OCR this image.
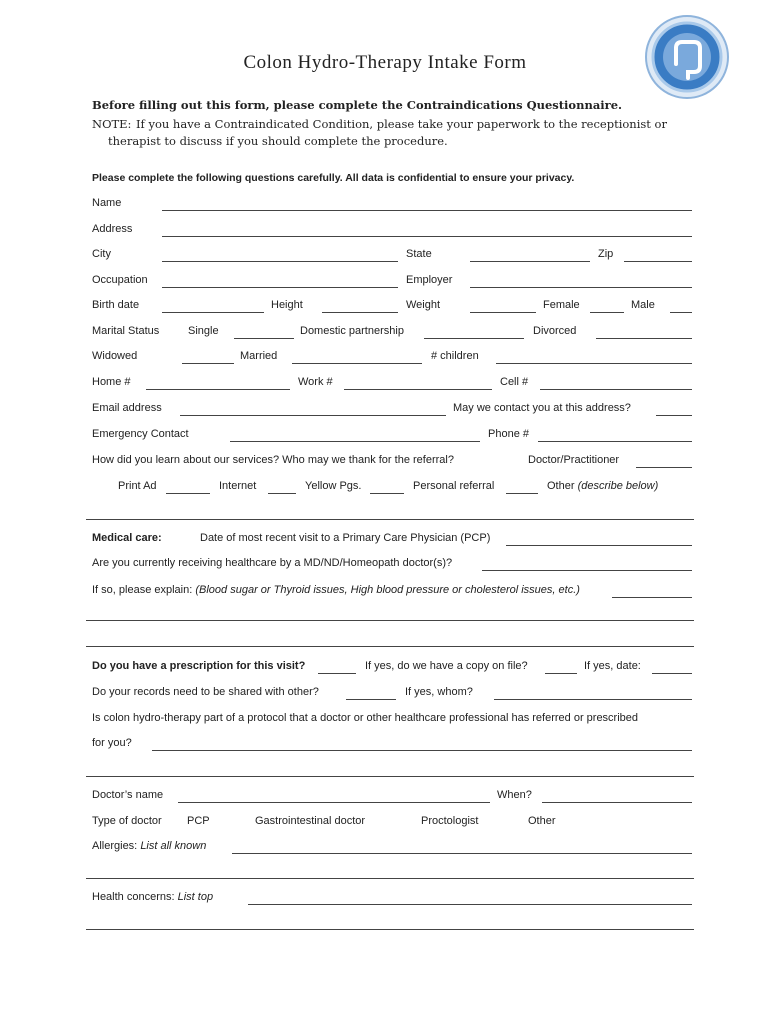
Colon Hydro-Therapy Intake Form
Before filling out this form, please complete the Contraindications Questionnaire.
NOTE: If you have a Contraindicated Condition, please take your paperwork to the receptionist or
therapist to discuss if you should complete the procedure.
Please complete the following questions carefully. All data is confidential to ensure your privacy.
Name
Address
City	State	Zip
Occupation	Employer
Birth date	Height	Weight	Female	Male
Marital Status	Single	Domestic partnership	Divorced
Widowed	Married	# children
Home #	Work #	Cell #
Email address	May we contact you at this address?
Emergency Contact	Phone #
How did you learn about our services? Who may we thank for the referral?	Doctor/Practitioner
Print Ad	Internet	Yellow Pgs.	Personal referral	Other (describe below)
Medical care:	Date of most recent visit to a Primary Care Physician (PCP)
Are you currently receiving healthcare by a MD/ND/Homeopath doctor(s)?
If so, please explain: (Blood sugar or Thyroid issues, High blood pressure or cholesterol issues, etc.)
Do you have a prescription for this visit?	If yes, do we have a copy on file?	If yes, date:
Do your records need to be shared with other?	If yes, whom?
Is colon hydro-therapy part of a protocol that a doctor or other healthcare professional has referred or prescribed
for you?
Doctor’s name	When?
Type of doctor PCP	Gastrointestinal doctor	Proctologist	Other
Allergies: List all known
Health concerns: List top
